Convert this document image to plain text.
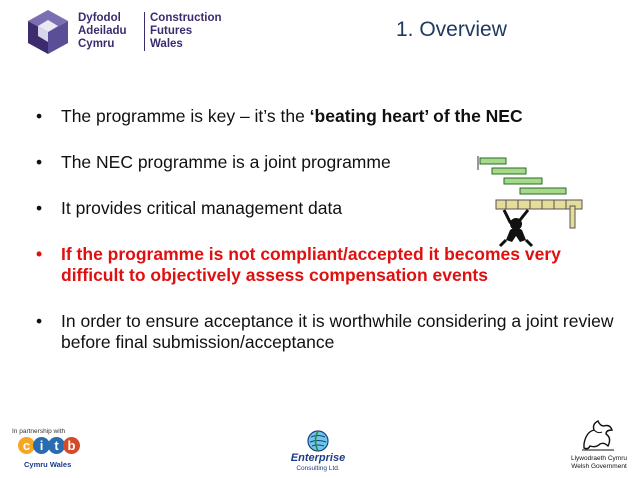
Dyfodol
Adeiladu
Cymru
Construction
Futures
Wales
1. Overview
• The programme is key – it’s the ‘beating heart’ of the NEC
• The NEC programme is a joint programme
• It provides critical management data
• If the programme is not compliant/accepted it becomes very difficult to objectively assess compensation events
• In order to ensure acceptance it is worthwhile considering a joint review before final submission/acceptance
In partnership with
c i t b
Cymru Wales
Enterprise
Consulting Ltd.
Llywodraeth Cymru
Welsh Government
